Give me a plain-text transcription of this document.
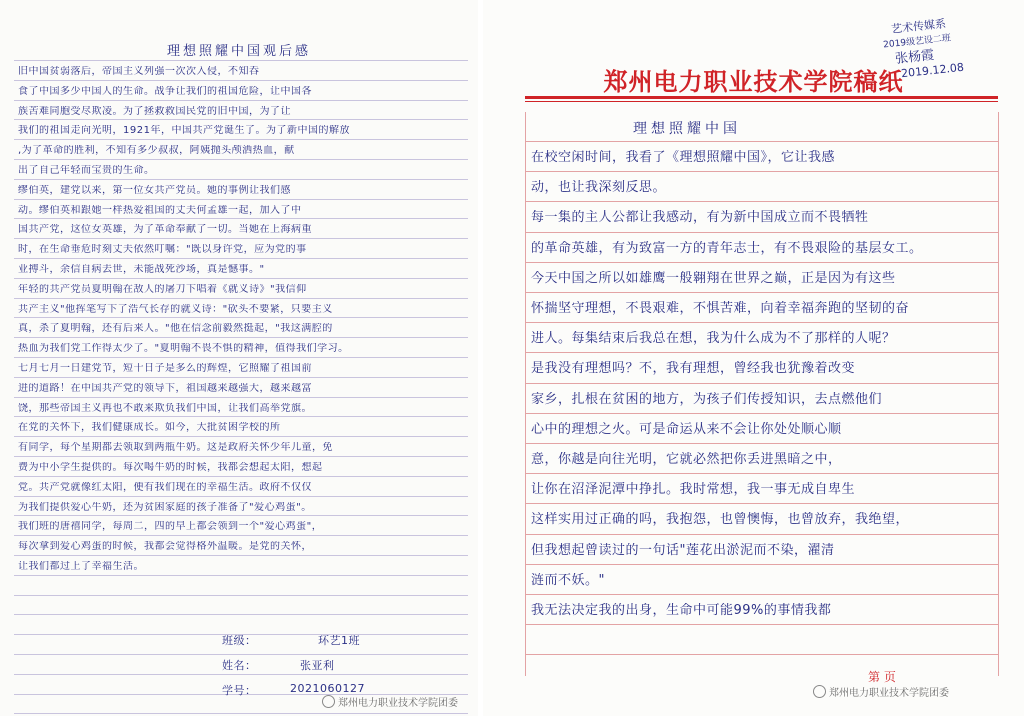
理想照耀中国观后感
旧中国贫弱落后，帝国主义列强一次次入侵，不知吞
食了中国多少中国人的生命。战争让我们的祖国危险，让中国各
族苦难同胞受尽欺凌。为了拯救救国民党的旧中国，为了让
我们的祖国走向光明，1921年，中国共产党诞生了。为了新中国的解放
,为了革命的胜利，不知有多少叔叔，阿姨抛头颅洒热血，献
出了自己年轻而宝贵的生命。
缪伯英，建党以来，第一位女共产党员。她的事例让我们感
动。缪伯英和跟她一样热爱祖国的丈夫何孟雄一起，加入了中
国共产党，这位女英雄，为了革命奉献了一切。当她在上海病重
时，在生命垂危时刻丈夫依然叮嘱："既以身许党，应为党的事
业搏斗，余信自病去世，未能战死沙场，真是憾事。"
年轻的共产党员夏明翰在敌人的屠刀下唱着《就义诗》"我信仰
共产主义"他挥笔写下了浩气长存的就义诗："砍头不要紧，只要主义
真，杀了夏明翰，还有后来人。"他在信念前毅然挺起，"我这满腔的
热血为我们党工作得太少了。"夏明翰不畏不惧的精神，值得我们学习。
七月七月一日建党节，短十日子是多么的辉煌，它照耀了祖国前
进的道路！在中国共产党的领导下，祖国越来越强大，越来越富
饶，那些帝国主义再也不敢来欺负我们中国，让我们高举党旗。
在党的关怀下，我们健康成长。如今，大批贫困学校的所
有同学，每个星期都去领取到两瓶牛奶。这是政府关怀少年儿童，免
费为中小学生提供的。每次喝牛奶的时候，我都会想起太阳，想起
党。共产党就像红太阳，便有我们现在的幸福生活。政府不仅仅
为我们提供爱心牛奶，还为贫困家庭的孩子准备了"爱心鸡蛋"。
我们班的唐禧同学，每周二，四的早上都会领到一个"爱心鸡蛋"，
每次拿到爱心鸡蛋的时候，我都会觉得格外温暖。是党的关怀，
让我们都过上了幸福生活。
班级：	环艺1班
姓名：	张亚利
学号：	2021060127
郑州电力职业技术学院团委
艺术传媒系
2019级艺设二班
张杨霞
2019.12.08
郑州电力职业技术学院稿纸
理想照耀中国
在校空闲时间，我看了《理想照耀中国》，它让我感
动，也让我深刻反思。
每一集的主人公都让我感动，有为新中国成立而不畏牺牲
的革命英雄，有为致富一方的青年志士，有不畏艰险的基层女工。
今天中国之所以如雄鹰一般翱翔在世界之巅，正是因为有这些
怀揣坚守理想，不畏艰难，不惧苦难，向着幸福奔跑的坚韧的奋
进人。每集结束后我总在想，我为什么成为不了那样的人呢？
是我没有理想吗？不，我有理想，曾经我也犹豫着改变
家乡，扎根在贫困的地方，为孩子们传授知识，去点燃他们
心中的理想之火。可是命运从来不会让你处处顺心顺
意，你越是向往光明，它就必然把你丢进黑暗之中，
让你在沼泽泥潭中挣扎。我时常想，我一事无成自卑生
这样实用过正确的吗，我抱怨，也曾懊悔，也曾放弃，我绝望，
但我想起曾读过的一句话"莲花出淤泥而不染，濯清
涟而不妖。"
我无法决定我的出身，生命中可能99%的事情我都
第 页
郑州电力职业技术学院团委
